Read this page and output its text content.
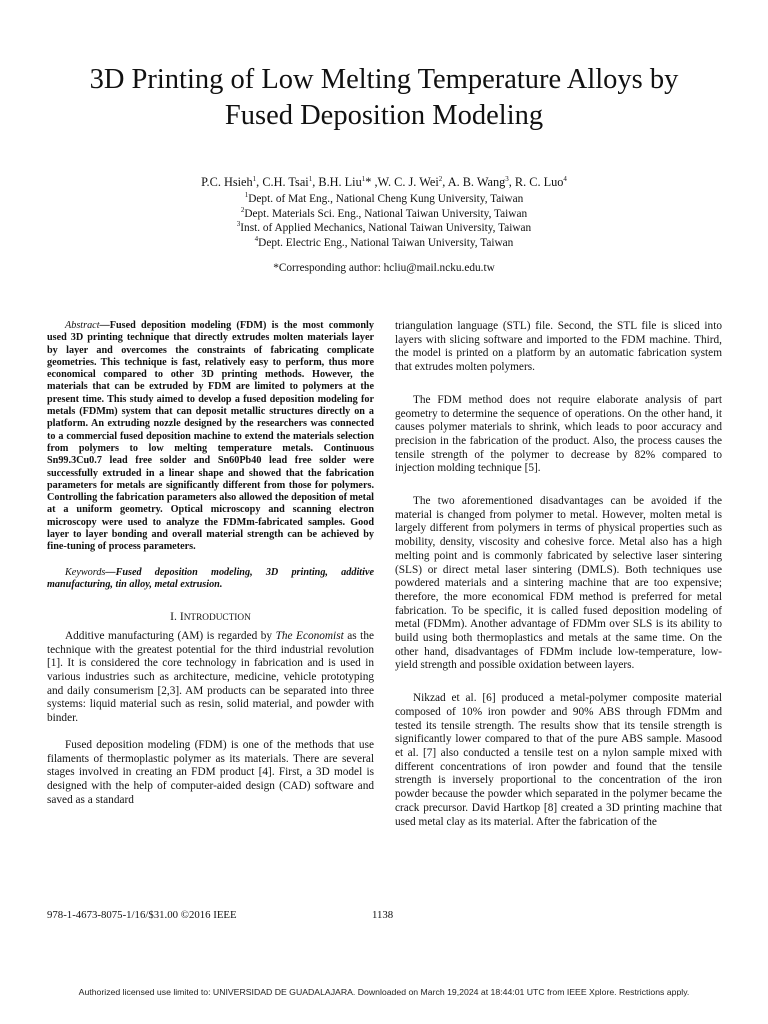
3D Printing of Low Melting Temperature Alloys by
Fused Deposition Modeling
P.C. Hsieh$^1$, C.H. Tsai$^1$, B.H. Liu$^1$* ,W. C. J. Wei$^2$, A. B. Wang$^3$, R. C. Luo$^4$
$^1$Dept. of Mat Eng., National Cheng Kung University, Taiwan
$^2$Dept. Materials Sci. Eng., National Taiwan University, Taiwan
$^3$Inst. of Applied Mechanics, National Taiwan University, Taiwan
$^4$Dept. Electric Eng., National Taiwan University, Taiwan
*Corresponding author: hcliu@mail.ncku.edu.tw

Abstract—Fused deposition modeling (FDM) is the most commonly used 3D printing technique that directly extrudes molten materials layer by layer and overcomes the constraints of fabricating complicate geometries. This technique is fast, relatively easy to perform, thus more economical compared to other 3D printing methods. However, the materials that can be extruded by FDM are limited to polymers at the present time. This study aimed to develop a fused deposition modeling for metals (FDMm) system that can deposit metallic structures directly on a platform. An extruding nozzle designed by the researchers was connected to a commercial fused deposition machine to extend the materials selection from polymers to low melting temperature metals. Continuous Sn99.3Cu0.7 lead free solder and Sn60Pb40 lead free solder were successfully extruded in a linear shape and showed that the fabrication parameters for metals are significantly different from those for polymers. Controlling the fabrication parameters also allowed the deposition of metal at a uniform geometry. Optical microscopy and scanning electron microscopy were used to analyze the FDMm-fabricated samples. Good layer to layer bonding and overall material strength can be achieved by fine-tuning of process parameters.

Keywords—Fused deposition modeling, 3D printing, additive manufacturing, tin alloy, metal extrusion.

I. INTRODUCTION

Additive manufacturing (AM) is regarded by The Economist as the technique with the greatest potential for the third industrial revolution [1]. It is considered the core technology in fabrication and is used in various industries such as architecture, medicine, vehicle prototyping and daily consumerism [2,3]. AM products can be separated into three systems: liquid material such as resin, solid material, and powder with binder.

Fused deposition modeling (FDM) is one of the methods that use filaments of thermoplastic polymer as its materials. There are several stages involved in creating an FDM product [4]. First, a 3D model is designed with the help of computer-aided design (CAD) software and saved as a standard

triangulation language (STL) file. Second, the STL file is sliced into layers with slicing software and imported to the FDM machine. Third, the model is printed on a platform by an automatic fabrication system that extrudes molten polymers.

The FDM method does not require elaborate analysis of part geometry to determine the sequence of operations. On the other hand, it causes polymer materials to shrink, which leads to poor accuracy and precision in the fabrication of the product. Also, the process causes the tensile strength of the polymer to decrease by 82% compared to injection molding technique [5].

The two aforementioned disadvantages can be avoided if the material is changed from polymer to metal. However, molten metal is largely different from polymers in terms of physical properties such as mobility, density, viscosity and cohesive force. Metal also has a high melting point and is commonly fabricated by selective laser sintering (SLS) or direct metal laser sintering (DMLS). Both techniques use powdered materials and a sintering machine that are too expensive; therefore, the more economical FDM method is preferred for metal fabrication. To be specific, it is called fused deposition modeling of metal (FDMm). Another advantage of FDMm over SLS is its ability to build using both thermoplastics and metals at the same time. On the other hand, disadvantages of FDMm include low-temperature, low-yield strength and possible oxidation between layers.

Nikzad et al. [6] produced a metal-polymer composite material composed of 10% iron powder and 90% ABS through FDMm and tested its tensile strength. The results show that its tensile strength is significantly lower compared to that of the pure ABS sample. Masood et al. [7] also conducted a tensile test on a nylon sample mixed with different concentrations of iron powder and found that the tensile strength is inversely proportional to the concentration of the iron powder because the powder which separated in the polymer became the crack precursor. David Hartkop [8] created a 3D printing machine that used metal clay as its material. After the fabrication of the

978-1-4673-8075-1/16/$31.00 ©2016 IEEE	1138
Authorized licensed use limited to: UNIVERSIDAD DE GUADALAJARA. Downloaded on March 19,2024 at 18:44:01 UTC from IEEE Xplore. Restrictions apply.
